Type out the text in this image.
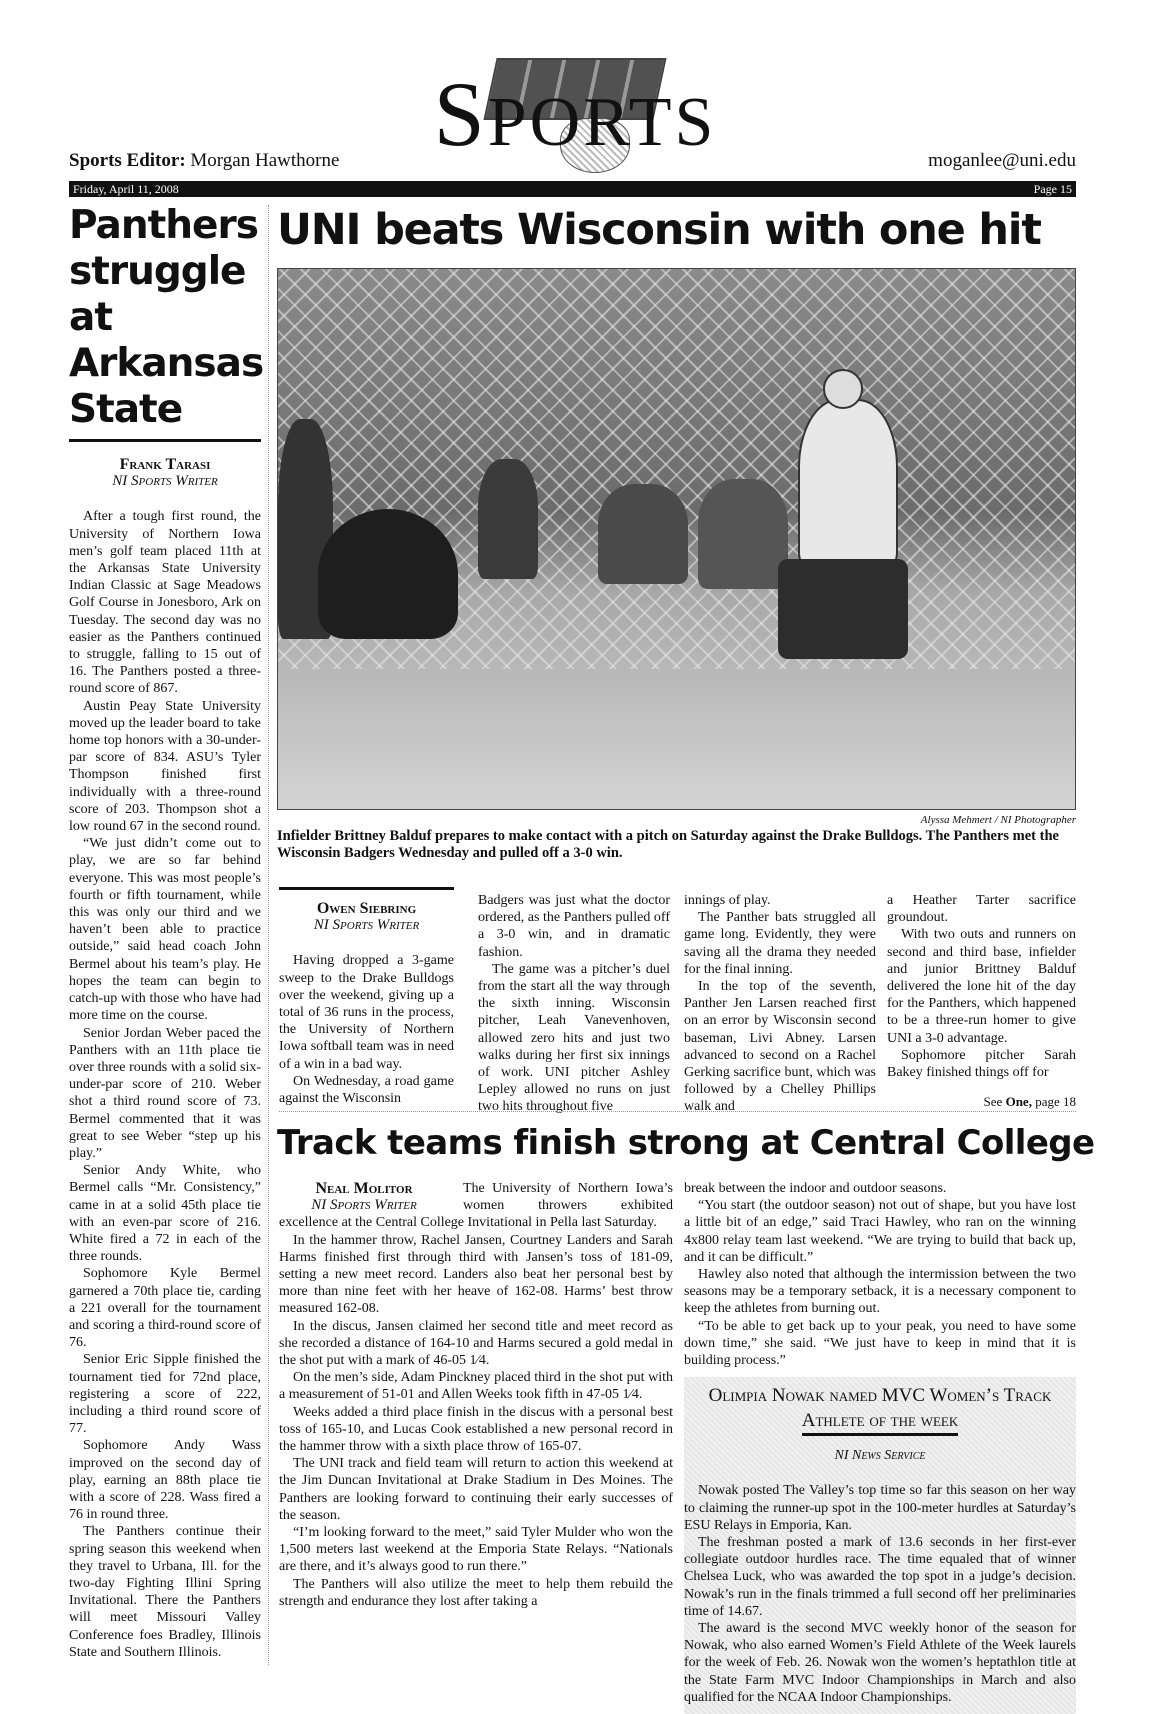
SPORTS
Sports Editor: Morgan Hawthorne	moganlee@uni.edu
Friday, April 11, 2008	Page 15
Panthers struggle at Arkansas State
Frank Tarasi
NI Sports Writer

After a tough first round, the University of Northern Iowa men’s golf team placed 11th at the Arkansas State University Indian Classic at Sage Meadows Golf Course in Jonesboro, Ark on Tuesday. The second day was no easier as the Panthers continued to struggle, falling to 15 out of 16. The Panthers posted a three-round score of 867.

Austin Peay State University moved up the leader board to take home top honors with a 30-under-par score of 834. ASU’s Tyler Thompson finished first individually with a three-round score of 203. Thompson shot a low round 67 in the second round.

“We just didn’t come out to play, we are so far behind everyone. This was most people’s fourth or fifth tournament, while this was only our third and we haven’t been able to practice outside,” said head coach John Bermel about his team’s play. He hopes the team can begin to catch-up with those who have had more time on the course.

Senior Jordan Weber paced the Panthers with an 11th place tie over three rounds with a solid six-under-par score of 210. Weber shot a third round score of 73. Bermel commented that it was great to see Weber “step up his play.”

Senior Andy White, who Bermel calls “Mr. Consistency,” came in at a solid 45th place tie with an even-par score of 216. White fired a 72 in each of the three rounds.

Sophomore Kyle Bermel garnered a 70th place tie, carding a 221 overall for the tournament and scoring a third-round score of 76.

Senior Eric Sipple finished the tournament tied for 72nd place, registering a score of 222, including a third round score of 77.

Sophomore Andy Wass improved on the second day of play, earning an 88th place tie with a score of 228. Wass fired a 76 in round three.

The Panthers continue their spring season this weekend when they travel to Urbana, Ill. for the two-day Fighting Illini Spring Invitational. There the Panthers will meet Missouri Valley Conference foes Bradley, Illinois State and Southern Illinois.

UNI beats Wisconsin with one hit
Alyssa Mehmert / NI Photographer
Infielder Brittney Balduf prepares to make contact with a pitch on Saturday against the Drake Bulldogs. The Panthers met the Wisconsin Badgers Wednesday and pulled off a 3-0 win.
Owen Siebring
NI Sports Writer

Having dropped a 3-game sweep to the Drake Bulldogs over the weekend, giving up a total of 36 runs in the process, the University of Northern Iowa softball team was in need of a win in a bad way.

On Wednesday, a road game against the Wisconsin

Badgers was just what the doctor ordered, as the Panthers pulled off a 3-0 win, and in dramatic fashion.

The game was a pitcher’s duel from the start all the way through the sixth inning. Wisconsin pitcher, Leah Vanevenhoven, allowed zero hits and just two walks during her first six innings of work. UNI pitcher Ashley Lepley allowed no runs on just two hits throughout five

innings of play.

The Panther bats struggled all game long. Evidently, they were saving all the drama they needed for the final inning.

In the top of the seventh, Panther Jen Larsen reached first on an error by Wisconsin second baseman, Livi Abney. Larsen advanced to second on a Rachel Gerking sacrifice bunt, which was followed by a Chelley Phillips walk and

a Heather Tarter sacrifice groundout.

With two outs and runners on second and third base, infielder and junior Brittney Balduf delivered the lone hit of the day for the Panthers, which happened to be a three-run homer to give UNI a 3-0 advantage.

Sophomore pitcher Sarah Bakey finished things off for

See One, page 18
Track teams finish strong at Central College
Neal Molitor
NI Sports Writer

The University of Northern Iowa’s women throwers exhibited excellence at the Central College Invitational in Pella last Saturday.

In the hammer throw, Rachel Jansen, Courtney Landers and Sarah Harms finished first through third with Jansen’s toss of 181-09, setting a new meet record. Landers also beat her personal best by more than nine feet with her heave of 162-08. Harms’ best throw measured 162-08.

In the discus, Jansen claimed her second title and meet record as she recorded a distance of 164-10 and Harms secured a gold medal in the shot put with a mark of 46-05 1⁄4.

On the men’s side, Adam Pinckney placed third in the shot put with a measurement of 51-01 and Allen Weeks took fifth in 47-05 1⁄4.

Weeks added a third place finish in the discus with a personal best toss of 165-10, and Lucas Cook established a new personal record in the hammer throw with a sixth place throw of 165-07.

The UNI track and field team will return to action this weekend at the Jim Duncan Invitational at Drake Stadium in Des Moines. The Panthers are looking forward to continuing their early successes of the season.

“I’m looking forward to the meet,” said Tyler Mulder who won the 1,500 meters last weekend at the Emporia State Relays. “Nationals are there, and it’s always good to run there.”

The Panthers will also utilize the meet to help them rebuild the strength and endurance they lost after taking a

break between the indoor and outdoor seasons.

“You start (the outdoor season) not out of shape, but you have lost a little bit of an edge,” said Traci Hawley, who ran on the winning 4x800 relay team last weekend. “We are trying to build that back up, and it can be difficult.”

Hawley also noted that although the intermission between the two seasons may be a temporary setback, it is a necessary component to keep the athletes from burning out.

“To be able to get back up to your peak, you need to have some down time,” she said. “We just have to keep in mind that it is building process.”

Olimpia Nowak named MVC Women’s Track
Athlete of the week
NI News Service

Nowak posted The Valley’s top time so far this season on her way to claiming the runner-up spot in the 100-meter hurdles at Saturday’s ESU Relays in Emporia, Kan.

The freshman posted a mark of 13.6 seconds in her first-ever collegiate outdoor hurdles race. The time equaled that of winner Chelsea Luck, who was awarded the top spot in a judge’s decision. Nowak’s run in the finals trimmed a full second off her preliminaries time of 14.67.

The award is the second MVC weekly honor of the season for Nowak, who also earned Women’s Field Athlete of the Week laurels for the week of Feb. 26. Nowak won the women’s heptathlon title at the State Farm MVC Indoor Championships in March and also qualified for the NCAA Indoor Championships.
